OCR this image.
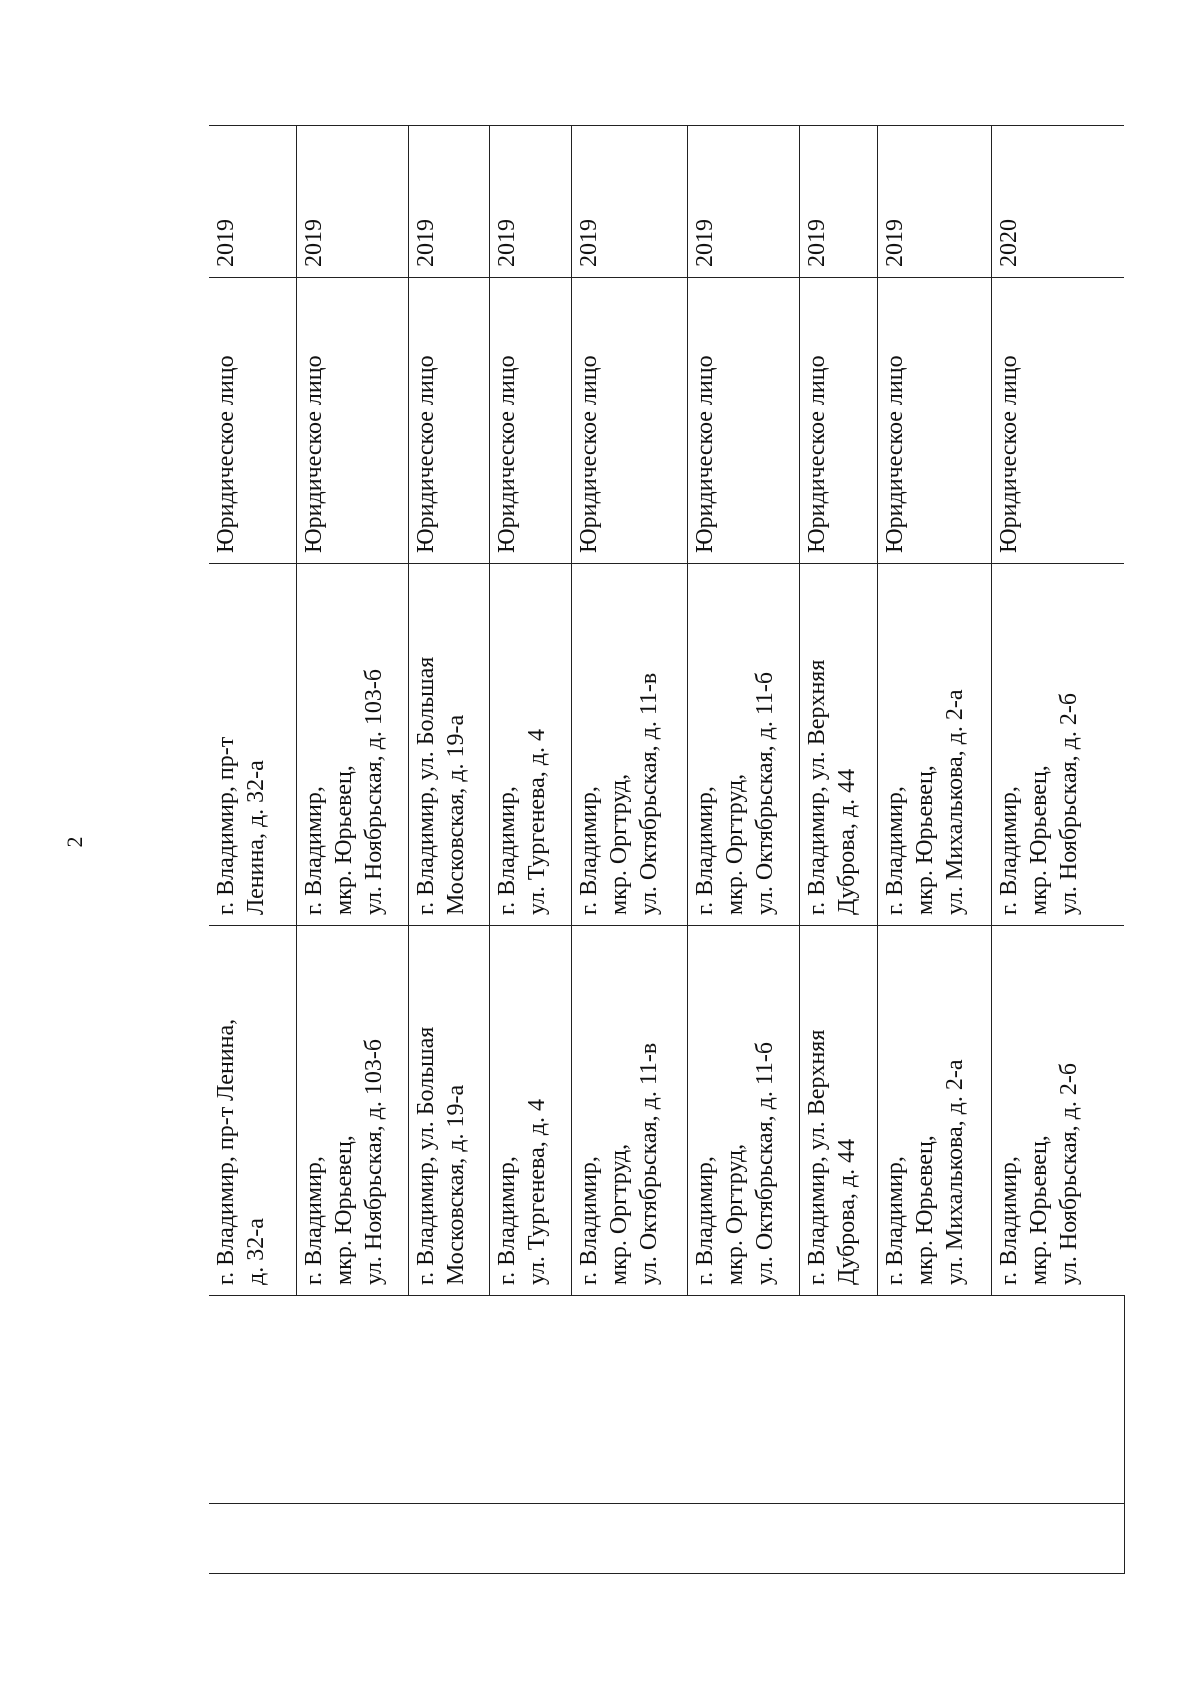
2

		г. Владимир, пр-т Ленина,
д. 32-а	г. Владимир, пр-т
Ленина, д. 32-а	Юридическое лицо	2019

		г. Владимир,
мкр. Юрьевец,
ул. Ноябрьская, д. 103-б	г. Владимир,
мкр. Юрьевец,
ул. Ноябрьская, д. 103-б	Юридическое лицо	2019

		г. Владимир, ул. Большая
Московская, д. 19-а	г. Владимир, ул. Большая
Московская, д. 19-а	Юридическое лицо	2019

		г. Владимир,
ул. Тургенева, д. 4	г. Владимир,
ул. Тургенева, д. 4	Юридическое лицо	2019

		г. Владимир,
мкр. Оргтруд,
ул. Октябрьская, д. 11-в	г. Владимир,
мкр. Оргтруд,
ул. Октябрьская, д. 11-в	Юридическое лицо	2019

		г. Владимир,
мкр. Оргтруд,
ул. Октябрьская, д. 11-б	г. Владимир,
мкр. Оргтруд,
ул. Октябрьская, д. 11-б	Юридическое лицо	2019

		г. Владимир, ул. Верхняя
Дуброва, д. 44	г. Владимир, ул. Верхняя
Дуброва, д. 44	Юридическое лицо	2019

		г. Владимир,
мкр. Юрьевец,
ул. Михалькова, д. 2-а	г. Владимир,
мкр. Юрьевец,
ул. Михалькова, д. 2-а	Юридическое лицо	2019

		г. Владимир,
мкр. Юрьевец,
ул. Ноябрьская, д. 2-б	г. Владимир,
мкр. Юрьевец,
ул. Ноябрьская, д. 2-б	Юридическое лицо	2020
